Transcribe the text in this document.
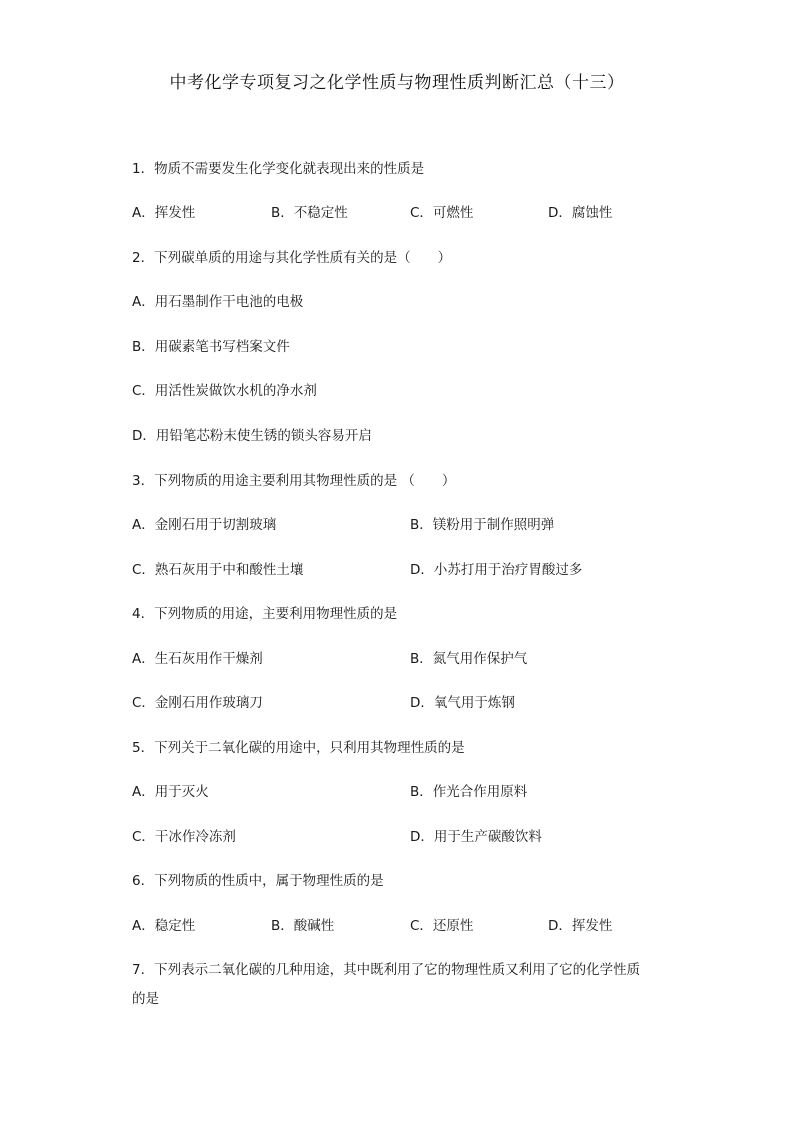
中考化学专项复习之化学性质与物理性质判断汇总（十三）
1．物质不需要发生化学变化就表现出来的性质是
A．挥发性	B．不稳定性	C．可燃性	D．腐蚀性
2．下列碳单质的用途与其化学性质有关的是（　　）
A．用石墨制作干电池的电极
B．用碳素笔书写档案文件
C．用活性炭做饮水机的净水剂
D．用铅笔芯粉末使生锈的锁头容易开启
3．下列物质的用途主要利用其物理性质的是 （　　）
A．金刚石用于切割玻璃	B．镁粉用于制作照明弹
C．熟石灰用于中和酸性土壤	D．小苏打用于治疗胃酸过多
4．下列物质的用途，主要利用物理性质的是
A．生石灰用作干燥剂	B．氮气用作保护气
C．金刚石用作玻璃刀	D．氧气用于炼钢
5．下列关于二氧化碳的用途中，只利用其物理性质的是
A．用于灭火	B．作光合作用原料
C．干冰作冷冻剂	D．用于生产碳酸饮料
6．下列物质的性质中，属于物理性质的是
A．稳定性	B．酸碱性	C．还原性	D．挥发性
7．下列表示二氧化碳的几种用途，其中既利用了它的物理性质又利用了它的化学性质
的是
